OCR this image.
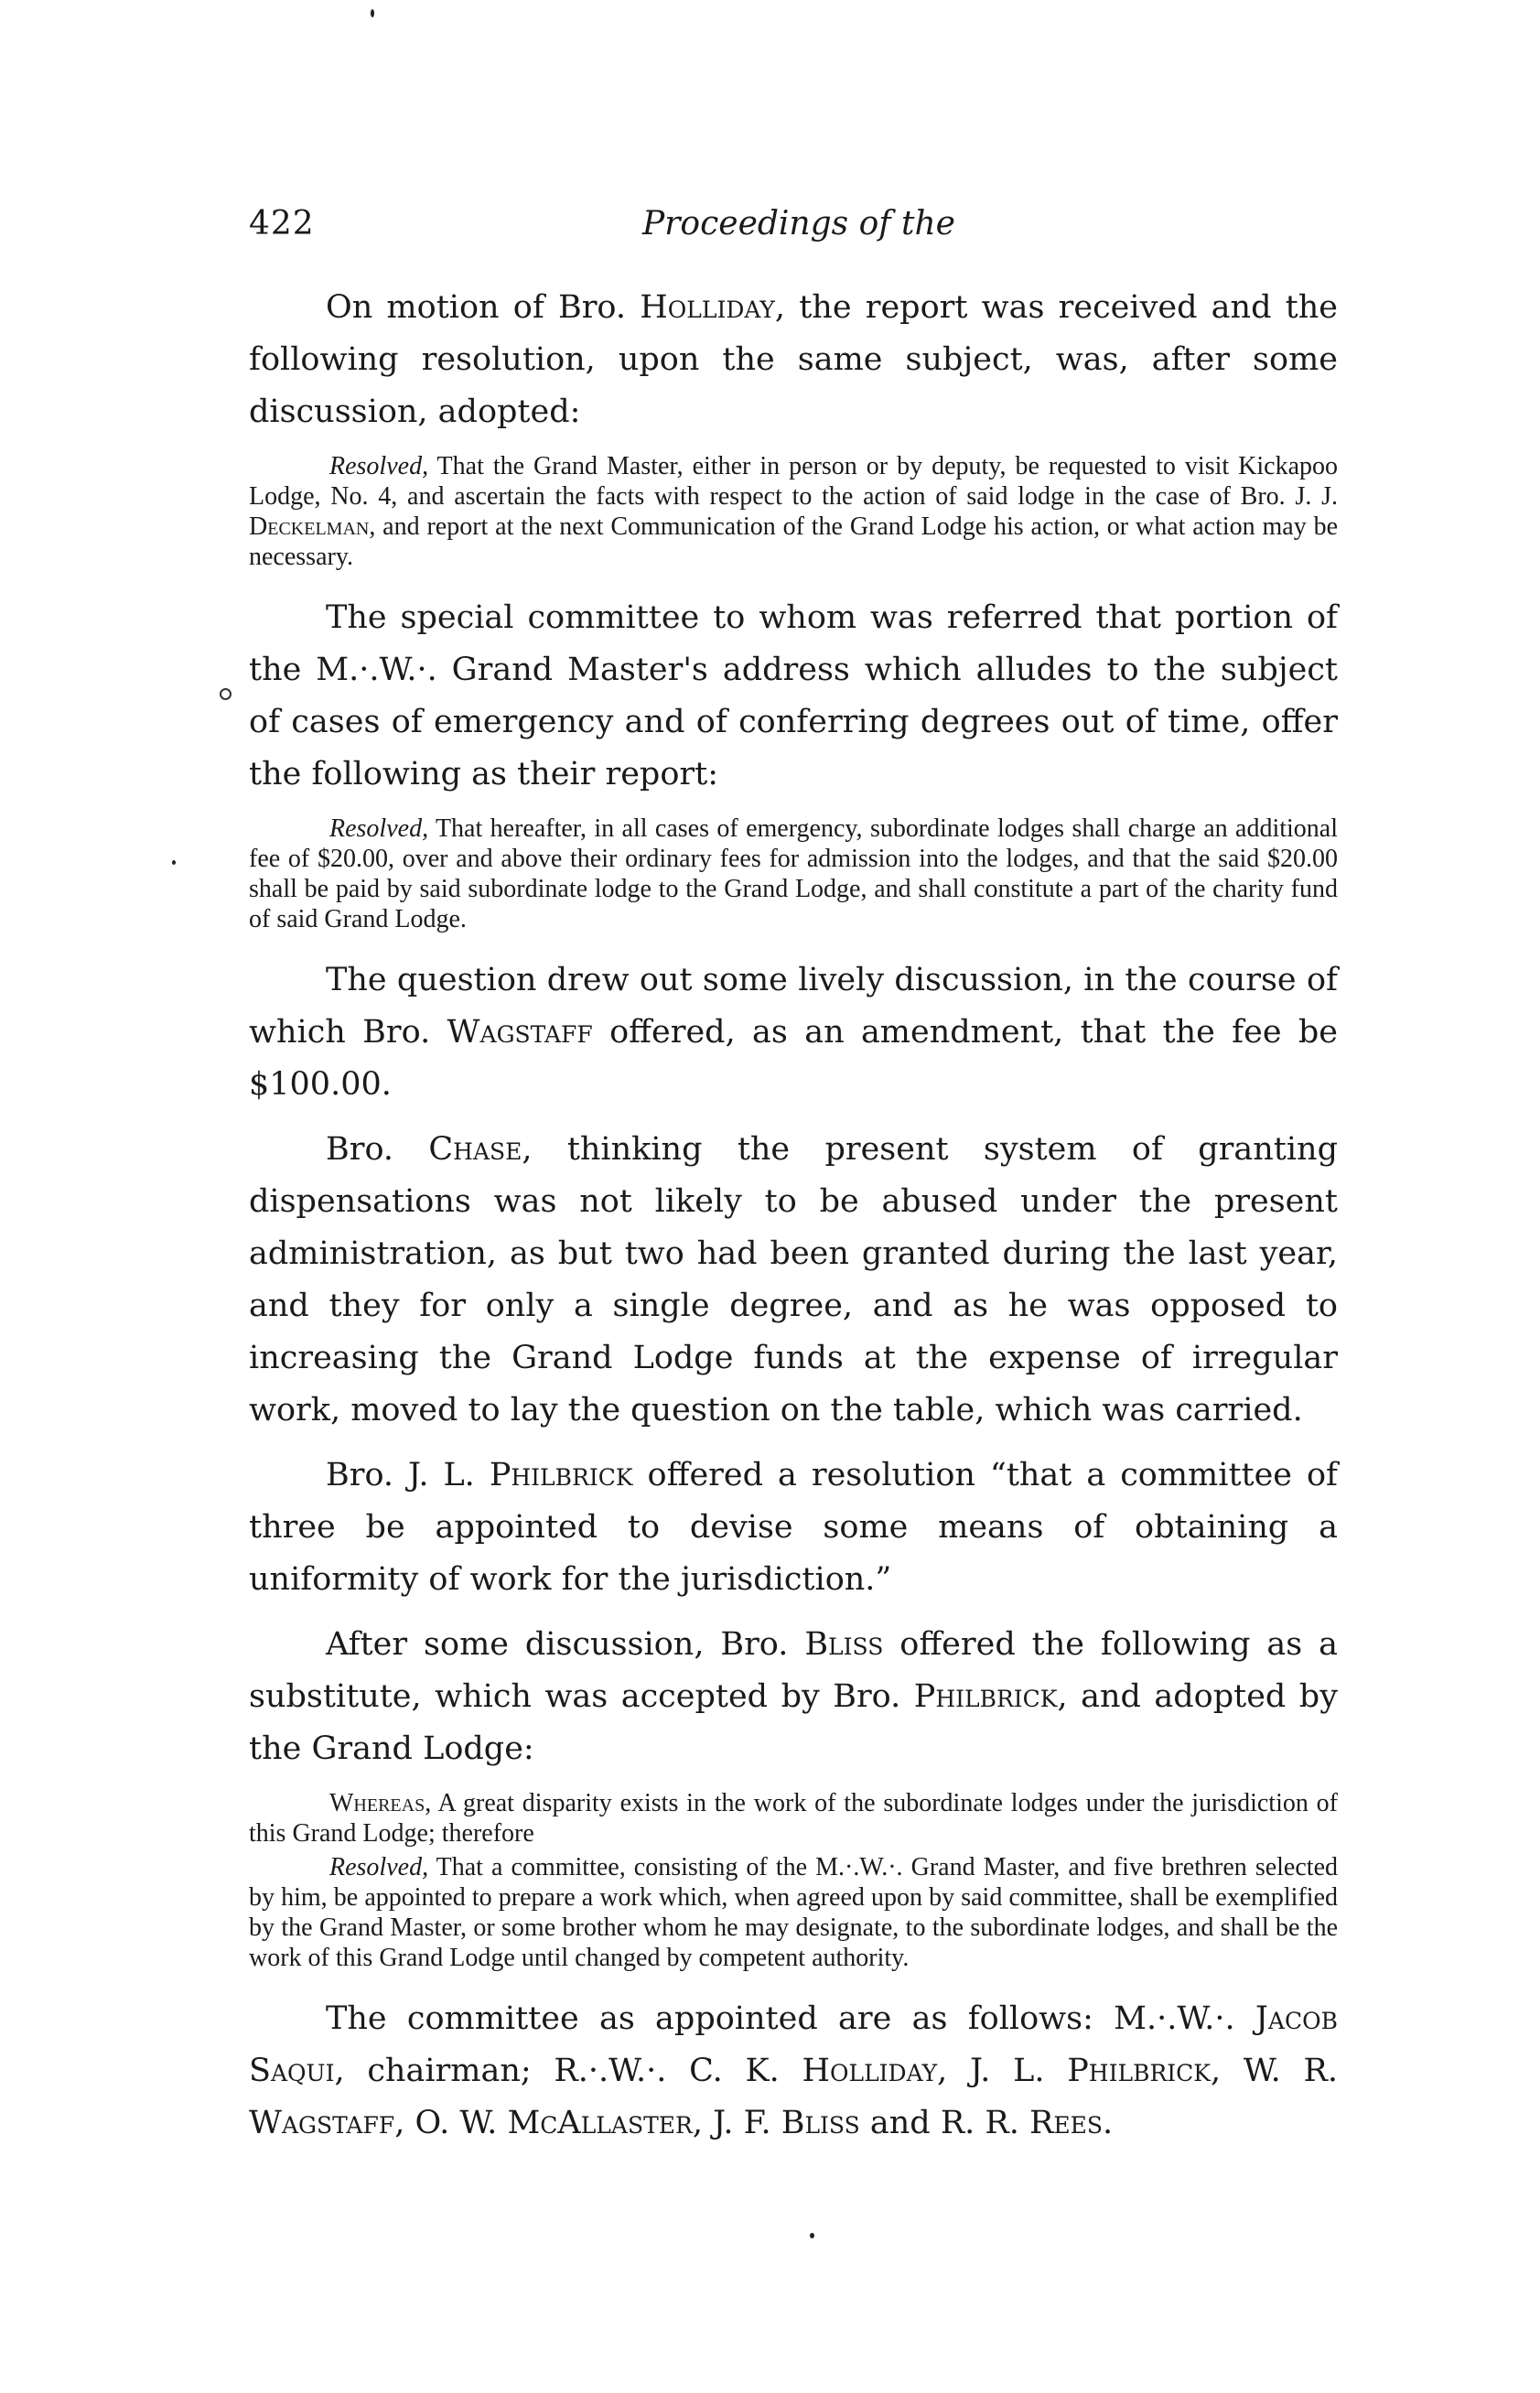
422	Proceedings of the

On motion of Bro. Holliday, the report was received and the following resolution, upon the same subject, was, after some discussion, adopted:

Resolved, That the Grand Master, either in person or by deputy, be requested to visit Kickapoo Lodge, No. 4, and ascertain the facts with respect to the action of said lodge in the case of Bro. J. J. Deckelman, and report at the next Communication of the Grand Lodge his action, or what action may be necessary.

The special committee to whom was referred that portion of the M.·.W.·. Grand Master's address which alludes to the subject of cases of emergency and of conferring degrees out of time, offer the following as their report:

Resolved, That hereafter, in all cases of emergency, subordinate lodges shall charge an additional fee of $20.00, over and above their ordinary fees for admission into the lodges, and that the said $20.00 shall be paid by said subordinate lodge to the Grand Lodge, and shall constitute a part of the charity fund of said Grand Lodge.

The question drew out some lively discussion, in the course of which Bro. Wagstaff offered, as an amendment, that the fee be $100.00.

Bro. Chase, thinking the present system of granting dispensations was not likely to be abused under the present administration, as but two had been granted during the last year, and they for only a single degree, and as he was opposed to increasing the Grand Lodge funds at the expense of irregular work, moved to lay the question on the table, which was carried.

Bro. J. L. Philbrick offered a resolution “that a committee of three be appointed to devise some means of obtaining a uniformity of work for the jurisdiction.”

After some discussion, Bro. Bliss offered the following as a substitute, which was accepted by Bro. Philbrick, and adopted by the Grand Lodge:

Whereas, A great disparity exists in the work of the subordinate lodges under the jurisdiction of this Grand Lodge; therefore

Resolved, That a committee, consisting of the M.·.W.·. Grand Master, and five brethren selected by him, be appointed to prepare a work which, when agreed upon by said committee, shall be exemplified by the Grand Master, or some brother whom he may designate, to the subordinate lodges, and shall be the work of this Grand Lodge until changed by competent authority.

The committee as appointed are as follows: M.·.W.·. Jacob Saqui, chairman; R.·.W.·. C. K. Holliday, J. L. Philbrick, W. R. Wagstaff, O. W. McAllaster, J. F. Bliss and R. R. Rees.
